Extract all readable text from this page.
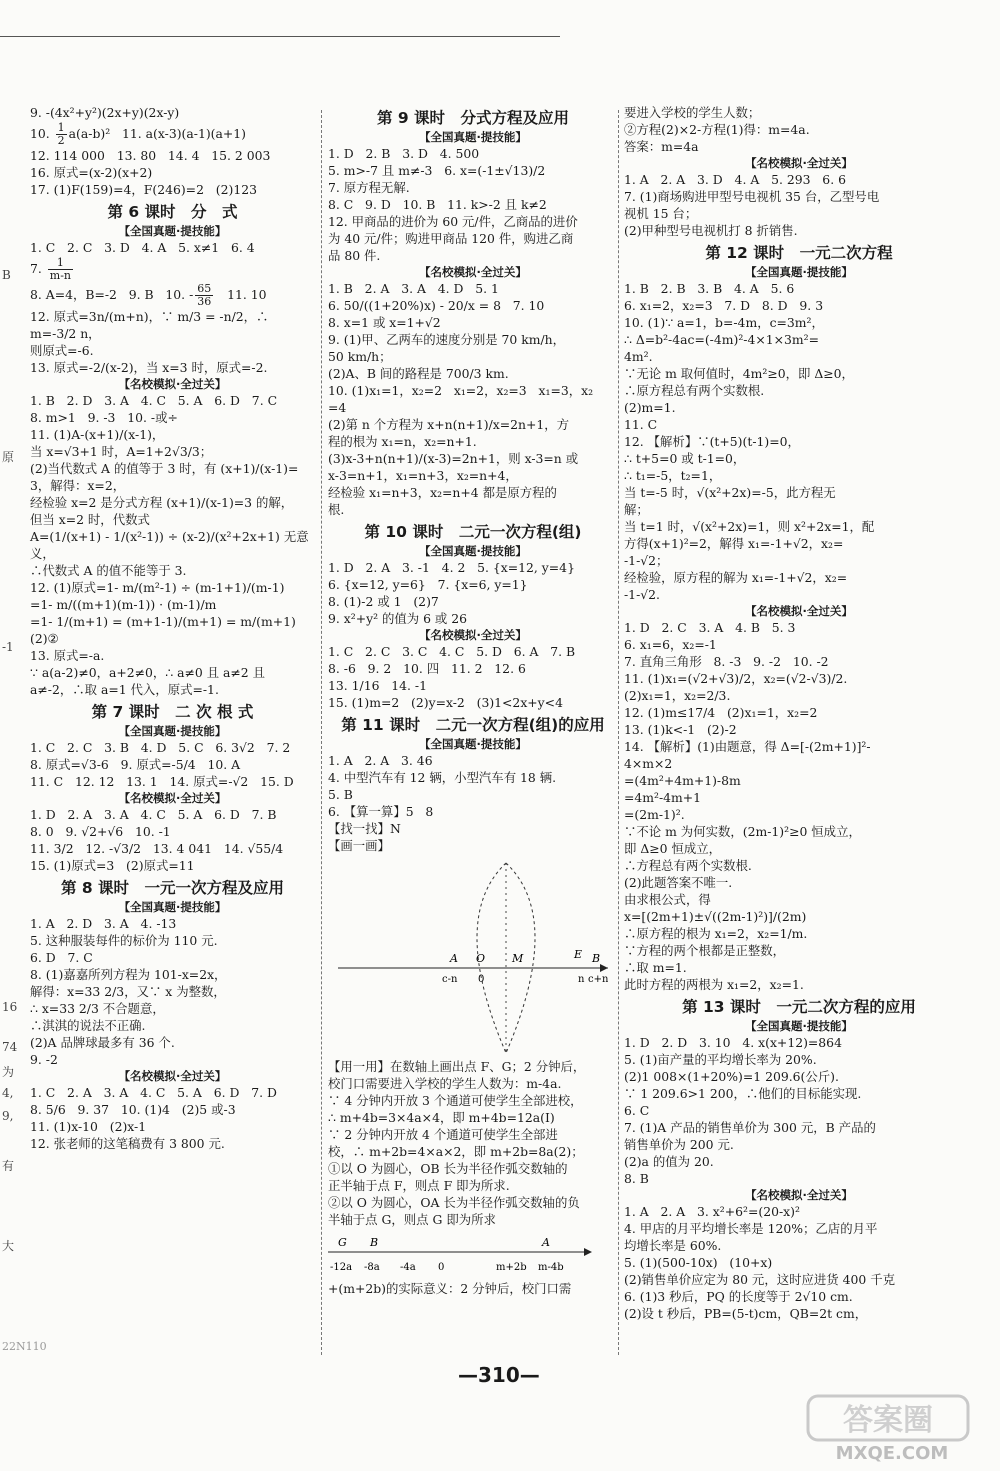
B
原
-1
16
74
为
4,
9,
有
大
9. -(4x²+y²)(2x+y)(2x-y)
10. $\frac{1}{2} a(a-b)^2$   11. a(x-3)(a-1)(a+1)
12. 114 000   13. 80   14. 4   15. 2 003
16. 原式=(x-2)(x+2)
17. (1)F(159)=4，F(246)=2   (2)123
第 6 课时　分　式
【全国真题·提技能】
1. C   2. C   3. D   4. A   5. x≠1   6. 4
7. $\frac{1}{m-n}$
8. A=4，B=-2   9. B   10. - $\frac{65}{36} 11$. 10
12. 原式=3n/(m+n)，∵ m/3 = -n/2，∴ m=-3/2 n，
则原式=-6.
13. 原式=-2/(x-2)，当 x=3 时，原式=-2.
【名校模拟·全过关】
1. B   2. D   3. A   4. C   5. A   6. D   7. C
8. m>1   9. -3   10. -或÷
11. (1)A-(x+1)/(x-1)，
当 x=√3+1 时，A=1+2√3/3；
(2)当代数式 A 的值等于 3 时，有 (x+1)/(x-1)=
3，解得：x=2，
经检验 x=2 是分式方程 (x+1)/(x-1)=3 的解，
但当 x=2 时，代数式
A=(1/(x+1) - 1/(x²-1)) ÷ (x-2)/(x²+2x+1) 无意
义，
∴代数式 A 的值不能等于 3.
12. (1)原式=1- m/(m²-1) ÷ (m-1+1)/(m-1)
=1- m/((m+1)(m-1)) · (m-1)/m
=1- 1/(m+1) = (m+1-1)/(m+1) = m/(m+1)
(2)②
13. 原式=-a.
∵ a(a-2)≠0，a+2≠0，∴ a≠0 且 a≠2 且
a≠-2，∴取 a=1 代入，原式=-1.
第 7 课时　二 次 根 式
【全国真题·提技能】
1. C   2. C   3. B   4. D   5. C   6. 3√2   7. 2
8. 原式=√3-6   9. 原式=-5/4   10. A
11. C   12. 12   13. 1   14. 原式=-√2   15. D
【名校模拟·全过关】
1. D   2. A   3. A   4. C   5. A   6. D   7. B
8. 0   9. √2+√6   10. -1
11. 3/2   12. -√3/2   13. 4 041   14. √55/4
15. (1)原式=3   (2)原式=11
第 8 课时　一元一次方程及应用
【全国真题·提技能】
1. A   2. D   3. A   4. -13
5. 这种服装每件的标价为 110 元.
6. D   7. C
8. (1)嘉嘉所列方程为 101-x=2x，
解得：x=33 2/3，又∵ x 为整数，
∴ x=33 2/3 不合题意，
∴淇淇的说法不正确.
(2)A 品牌球最多有 36 个.
9. -2
【名校模拟·全过关】
1. C   2. A   3. A   4. C   5. A   6. D   7. D
8. 5/6   9. 37   10. (1)4   (2)5 或-3
11. (1)x-10   (2)x-1
12. 张老师的这笔稿费有 3 800 元.
第 9 课时　分式方程及应用
【全国真题·提技能】
1. D   2. B   3. D   4. 500
5. m>-7 且 m≠-3   6. x=(-1±√13)/2
7. 原方程无解.
8. C   9. D   10. B   11. k>-2 且 k≠2
12. 甲商品的进价为 60 元/件，乙商品的进价
为 40 元/件；购进甲商品 120 件，购进乙商
品 80 件.
【名校模拟·全过关】
1. B   2. A   3. A   4. D   5. 1
6. 50/((1+20%)x) - 20/x = 8   7. 10
8. x=1 或 x=1+√2
9. (1)甲、乙两车的速度分别是 70 km/h，
50 km/h；
(2)A、B 间的路程是 700/3 km.
10. (1)x₁=1，x₂=2   x₁=2，x₂=3   x₁=3，x₂
=4
(2)第 n 个方程为 x+n(n+1)/x=2n+1，方
程的根为 x₁=n，x₂=n+1.
(3)x-3+n(n+1)/(x-3)=2n+1，则 x-3=n 或
x-3=n+1，x₁=n+3，x₂=n+4，
经检验 x₁=n+3，x₂=n+4 都是原方程的
根.
第 10 课时　二元一次方程(组)
【全国真题·提技能】
1. D   2. A   3. -1   4. 2   5. {x=12, y=4}
6. {x=12, y=6}   7. {x=6, y=1}
8. (1)-2 或 1   (2)7
9. x²+y² 的值为 6 或 26
【名校模拟·全过关】
1. C   2. C   3. C   4. C   5. D   6. A   7. B
8. -6   9. 2   10. 四   11. 2   12. 6
13. 1/16   14. -1
15. (1)m=2   (2)y=x-2   (3)1<2x+y<4
第 11 课时　二元一次方程(组)的应用
【全国真题·提技能】
1. A   2. A   3. 46
4. 中型汽车有 12 辆，小型汽车有 18 辆.
5. B
6. 【算一算】5   8
【找一找】N
【画一画】
A O M	E B
c-n 0	n c+n
【用一用】在数轴上画出点 F、G；2 分钟后，
校门口需要进入学校的学生人数为：m-4a.
∵ 4 分钟内开放 3 个通道可使学生全部进校，
∴ m+4b=3×4a×4，即 m+4b=12a(I)
∵ 2 分钟内开放 4 个通道可使学生全部进
校，∴ m+2b=4×a×2，即 m+2b=8a(2)；
①以 O 为圆心，OB 长为半径作弧交数轴的
正半轴于点 F，则点 F 即为所求.
②以 O 为圆心，OA 长为半径作弧交数轴的负
半轴于点 G，则点 G 即为所求
G B	A
-12a -8a -4a 0	m+2b m-4b
+(m+2b)的实际意义：2 分钟后，校门口需
要进入学校的学生人数；
②方程(2)×2-方程(1)得：m=4a.
答案：m=4a
【名校模拟·全过关】
1. A   2. A   3. D   4. A   5. 293   6. 6
7. (1)商场购进甲型号电视机 35 台，乙型号电
视机 15 台；
(2)甲种型号电视机打 8 折销售.
第 12 课时　一元二次方程
【全国真题·提技能】
1. B   2. B   3. B   4. A   5. 6
6. x₁=2，x₂=3   7. D   8. D   9. 3
10. (1)∵ a=1，b=-4m，c=3m²，
∴ Δ=b²-4ac=(-4m)²-4×1×3m²=
4m².
∵无论 m 取何值时，4m²≥0，即 Δ≥0，
∴原方程总有两个实数根.
(2)m=1.
11. C
12. 【解析】∵(t+5)(t-1)=0，
∴ t+5=0 或 t-1=0，
∴ t₁=-5，t₂=1，
当 t=-5 时，√(x²+2x)=-5，此方程无
解；
当 t=1 时，√(x²+2x)=1，则 x²+2x=1，配
方得(x+1)²=2，解得 x₁=-1+√2，x₂=
-1-√2；
经检验，原方程的解为 x₁=-1+√2，x₂=
-1-√2.
【名校模拟·全过关】
1. D   2. C   3. A   4. B   5. 3
6. x₁=6，x₂=-1
7. 直角三角形   8. -3   9. -2   10. -2
11. (1)x₁=(√2+√3)/2，x₂=(√2-√3)/2.
(2)x₁=1，x₂=2/3.
12. (1)m≤17/4   (2)x₁=1，x₂=2
13. (1)k<-1   (2)-2
14. 【解析】(1)由题意，得 Δ=[-(2m+1)]²-
4×m×2
=(4m²+4m+1)-8m
=4m²-4m+1
=(2m-1)².
∵不论 m 为何实数，(2m-1)²≥0 恒成立，
即 Δ≥0 恒成立，
∴方程总有两个实数根.
(2)此题答案不唯一.
由求根公式，得
x=[(2m+1)±√((2m-1)²)]/(2m)
∴原方程的根为 x₁=2，x₂=1/m.
∵方程的两个根都是正整数，
∴取 m=1.
此时方程的两根为 x₁=2，x₂=1.
第 13 课时　一元二次方程的应用
【全国真题·提技能】
1. D   2. D   3. 10   4. x(x+12)=864
5. (1)亩产量的平均增长率为 20%.
(2)1 008×(1+20%)=1 209.6(公斤).
∵ 1 209.6>1 200，∴他们的目标能实现.
6. C
7. (1)A 产品的销售单价为 300 元，B 产品的
销售单价为 200 元.
(2)a 的值为 20.
8. B
【名校模拟·全过关】
1. A   2. A   3. x²+6²=(20-x)²
4. 甲店的月平均增长率是 120%；乙店的月平
均增长率是 60%.
5. (1)(500-10x)   (10+x)
(2)销售单价应定为 80 元，这时应进货 400 千克
6. (1)3 秒后，PQ 的长度等于 2√10 cm.
(2)设 t 秒后，PB=(5-t)cm，QB=2t cm，
22N110
—310—
答案圈
MXQE.COM
